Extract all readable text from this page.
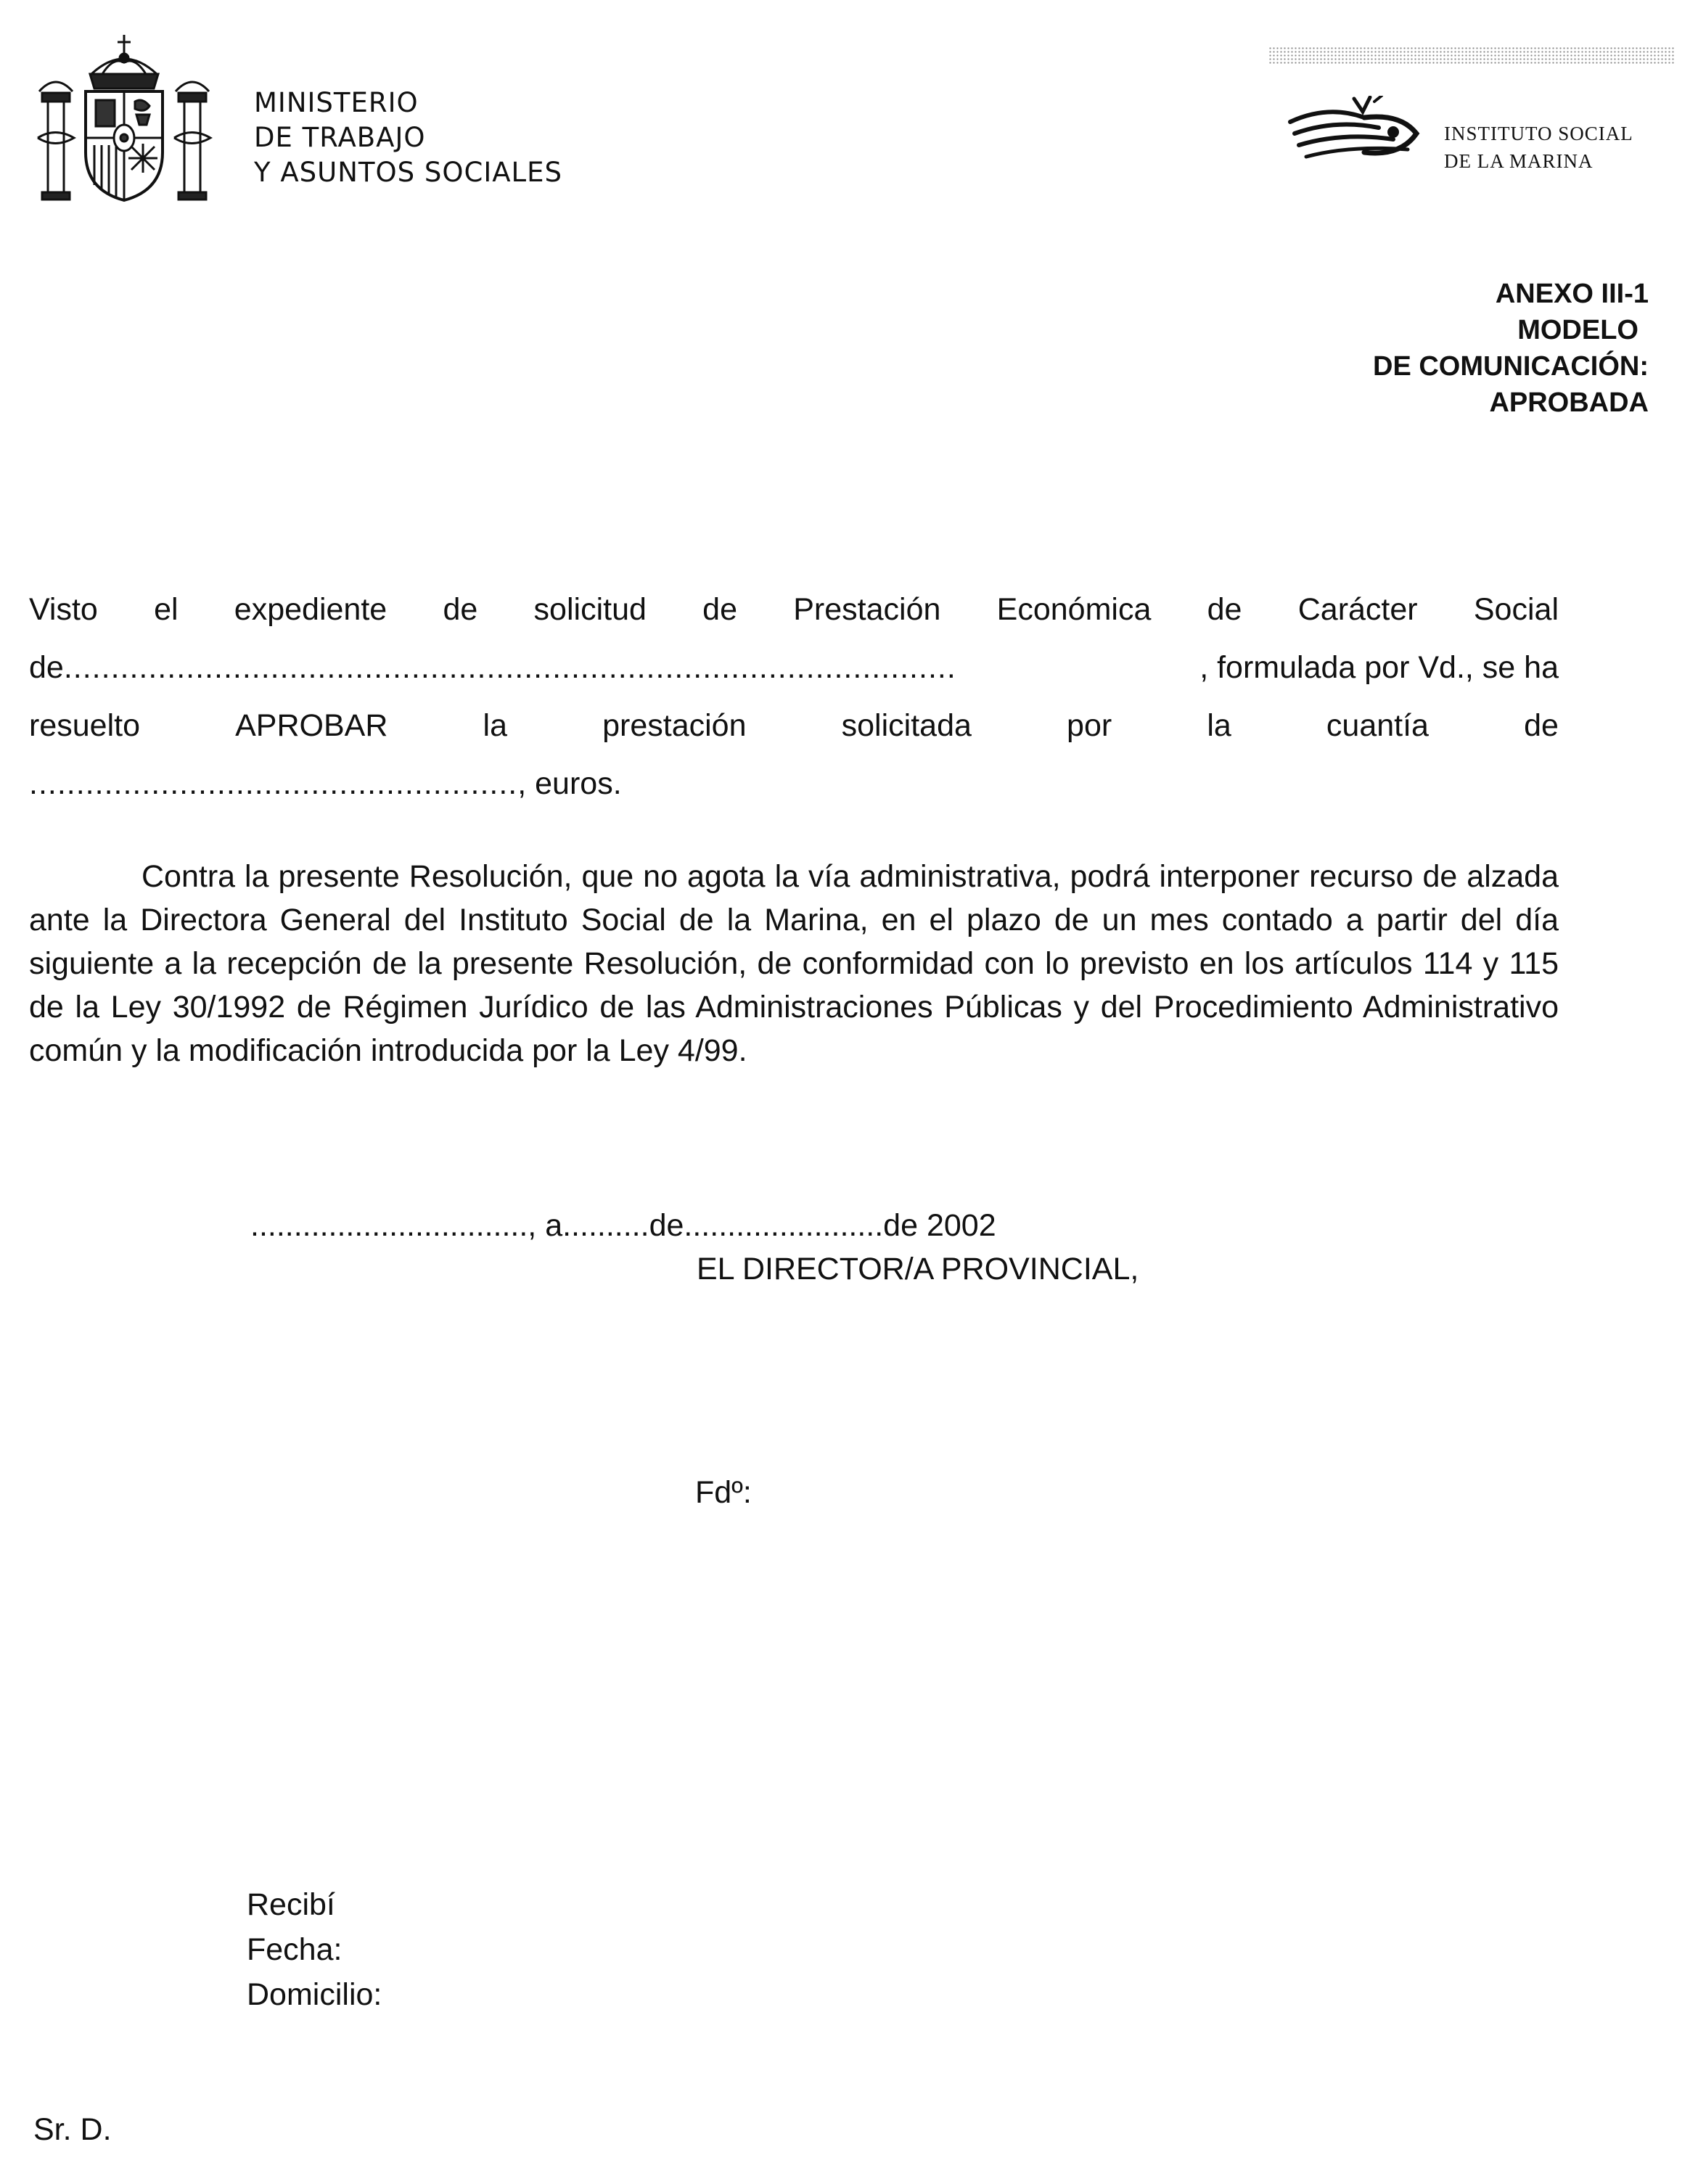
MINISTERIO
DE TRABAJO
Y ASUNTOS SOCIALES
INSTITUTO SOCIAL
DE LA MARINA
ANEXO III-1
MODELO
DE COMUNICACIÓN:
APROBADA
Visto el expediente de solicitud de Prestación Económica de Carácter Social
de...............................................................................................	, formulada por Vd., se ha
resuelto	APROBAR	la	prestación	solicitada	por	la	cuantía	de
...................................................., euros.
Contra la presente Resolución, que no agota la vía administrativa, podrá interponer recurso de alzada ante la Directora General del Instituto Social de la Marina, en el plazo de un mes contado a partir del día siguiente a la recepción de la presente Resolución, de conformidad con lo previsto en los artículos 114 y 115 de la Ley 30/1992 de Régimen Jurídico de las Administraciones Públicas y del Procedimiento Administrativo común y la modificación introducida por la Ley 4/99.
................................, a..........de.......................de 2002
EL DIRECTOR/A PROVINCIAL,
Fdº:
Recibí
Fecha:
Domicilio:
Sr. D.
